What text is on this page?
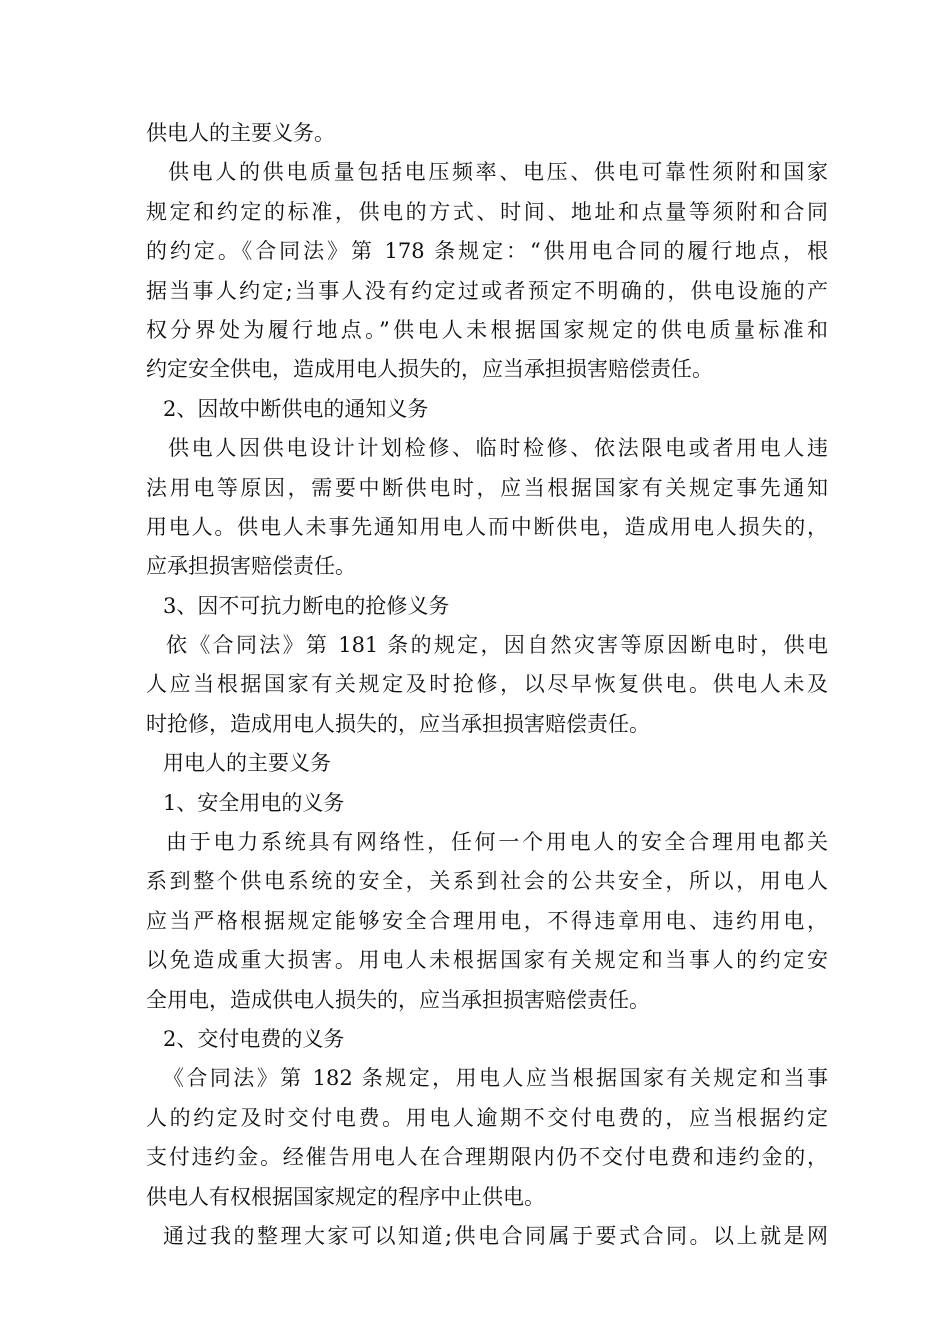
供电人的主要义务。
供电人的供电质量包括电压频率、电压、供电可靠性须附和国家
规定和约定的标准，供电的方式、时间、地址和点量等须附和合同
的约定。《合同法》第 178 条规定：“供用电合同的履行地点，根
据当事人约定;当事人没有约定过或者预定不明确的，供电设施的产
权分界处为履行地点。”供电人未根据国家规定的供电质量标准和
约定安全供电，造成用电人损失的，应当承担损害赔偿责任。
2、因故中断供电的通知义务
供电人因供电设计计划检修、临时检修、依法限电或者用电人违
法用电等原因，需要中断供电时，应当根据国家有关规定事先通知
用电人。供电人未事先通知用电人而中断供电，造成用电人损失的，
应承担损害赔偿责任。
3、因不可抗力断电的抢修义务
依《合同法》第 181 条的规定，因自然灾害等原因断电时，供电
人应当根据国家有关规定及时抢修，以尽早恢复供电。供电人未及
时抢修，造成用电人损失的，应当承担损害赔偿责任。
用电人的主要义务
1、安全用电的义务
由于电力系统具有网络性，任何一个用电人的安全合理用电都关
系到整个供电系统的安全，关系到社会的公共安全，所以，用电人
应当严格根据规定能够安全合理用电，不得违章用电、违约用电，
以免造成重大损害。用电人未根据国家有关规定和当事人的约定安
全用电，造成供电人损失的，应当承担损害赔偿责任。
2、交付电费的义务
《合同法》第 182 条规定，用电人应当根据国家有关规定和当事
人的约定及时交付电费。用电人逾期不交付电费的，应当根据约定
支付违约金。经催告用电人在合理期限内仍不交付电费和违约金的，
供电人有权根据国家规定的程序中止供电。
通过我的整理大家可以知道;供电合同属于要式合同。以上就是网
